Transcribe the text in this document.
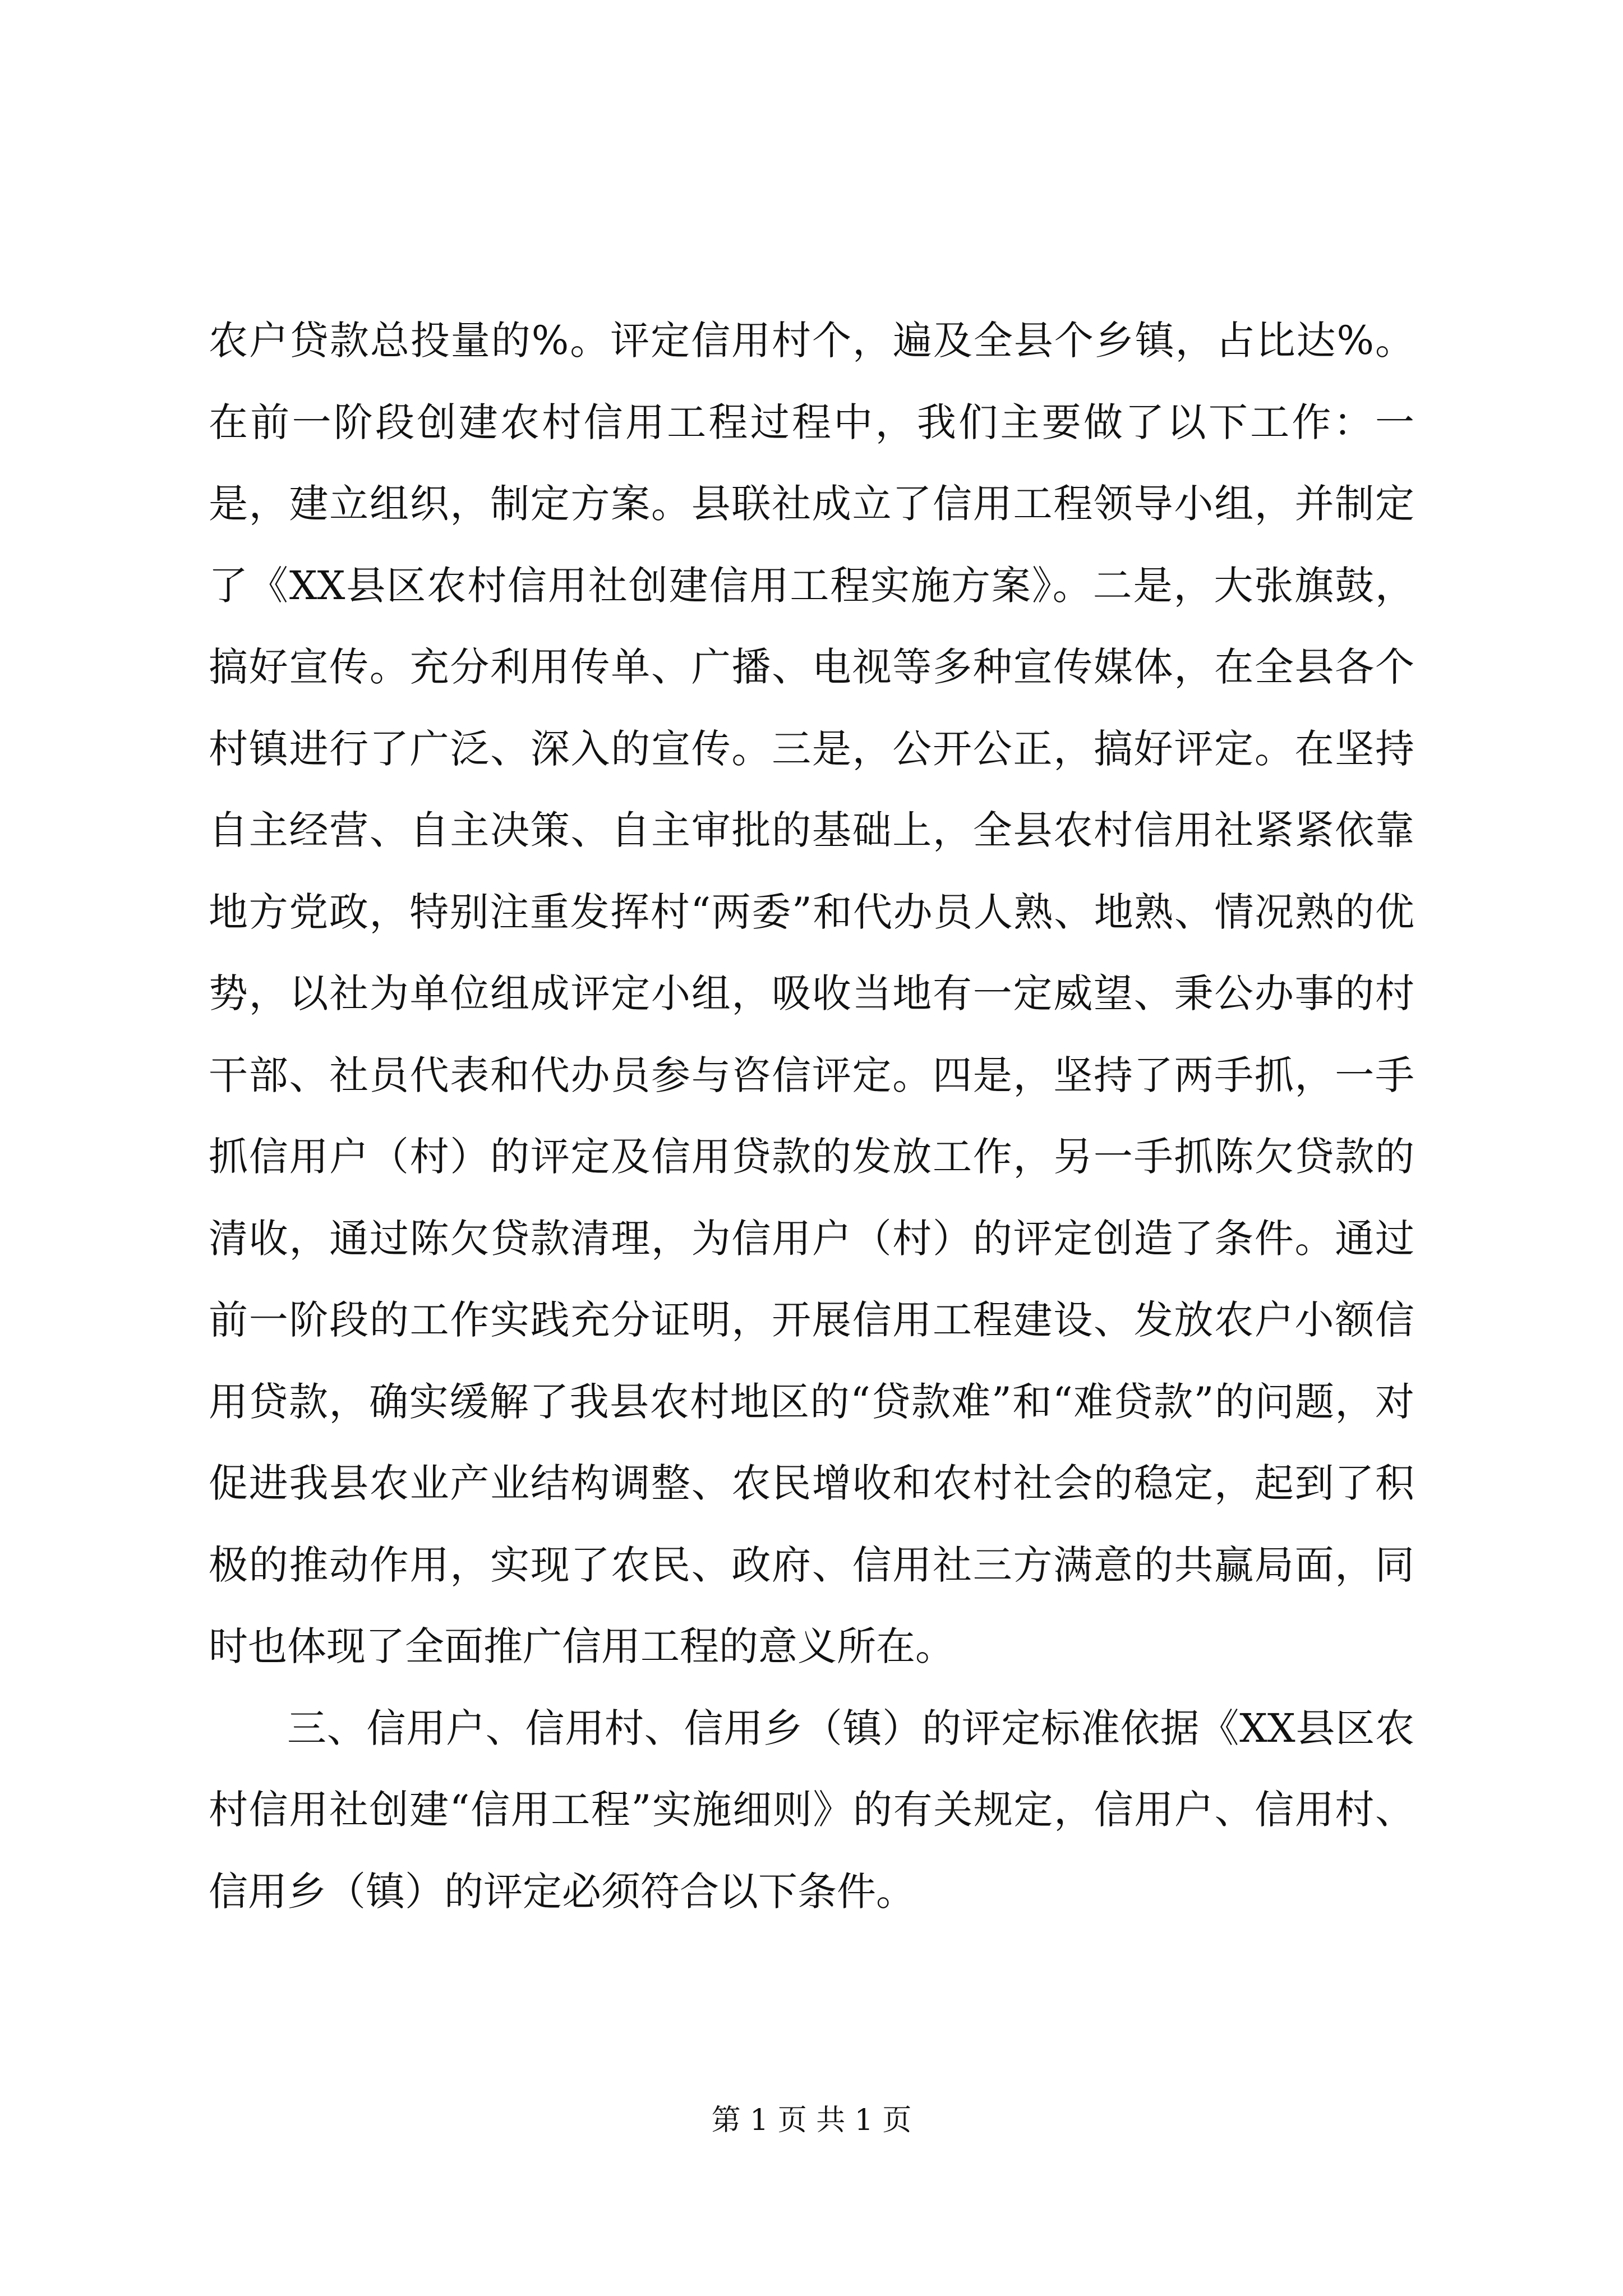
农户贷款总投量的%。评定信用村个，遍及全县个乡镇，占比达%。在前一阶段创建农村信用工程过程中，我们主要做了以下工作：一是，建立组织，制定方案。县联社成立了信用工程领导小组，并制定了《XX县区农村信用社创建信用工程实施方案》。二是，大张旗鼓，搞好宣传。充分利用传单、广播、电视等多种宣传媒体，在全县各个村镇进行了广泛、深入的宣传。三是，公开公正，搞好评定。在坚持自主经营、自主决策、自主审批的基础上，全县农村信用社紧紧依靠地方党政，特别注重发挥村“两委”和代办员人熟、地熟、情况熟的优势，以社为单位组成评定小组，吸收当地有一定威望、秉公办事的村干部、社员代表和代办员参与咨信评定。四是，坚持了两手抓，一手抓信用户（村）的评定及信用贷款的发放工作，另一手抓陈欠贷款的清收，通过陈欠贷款清理，为信用户（村）的评定创造了条件。通过前一阶段的工作实践充分证明，开展信用工程建设、发放农户小额信用贷款，确实缓解了我县农村地区的“贷款难”和“难贷款”的问题，对促进我县农业产业结构调整、农民增收和农村社会的稳定，起到了积极的推动作用，实现了农民、政府、信用社三方满意的共赢局面，同时也体现了全面推广信用工程的意义所在。

三、信用户、信用村、信用乡（镇）的评定标准依据《XX县区农村信用社创建“信用工程”实施细则》的有关规定，信用户、信用村、信用乡（镇）的评定必须符合以下条件。

第 1 页 共 1 页
